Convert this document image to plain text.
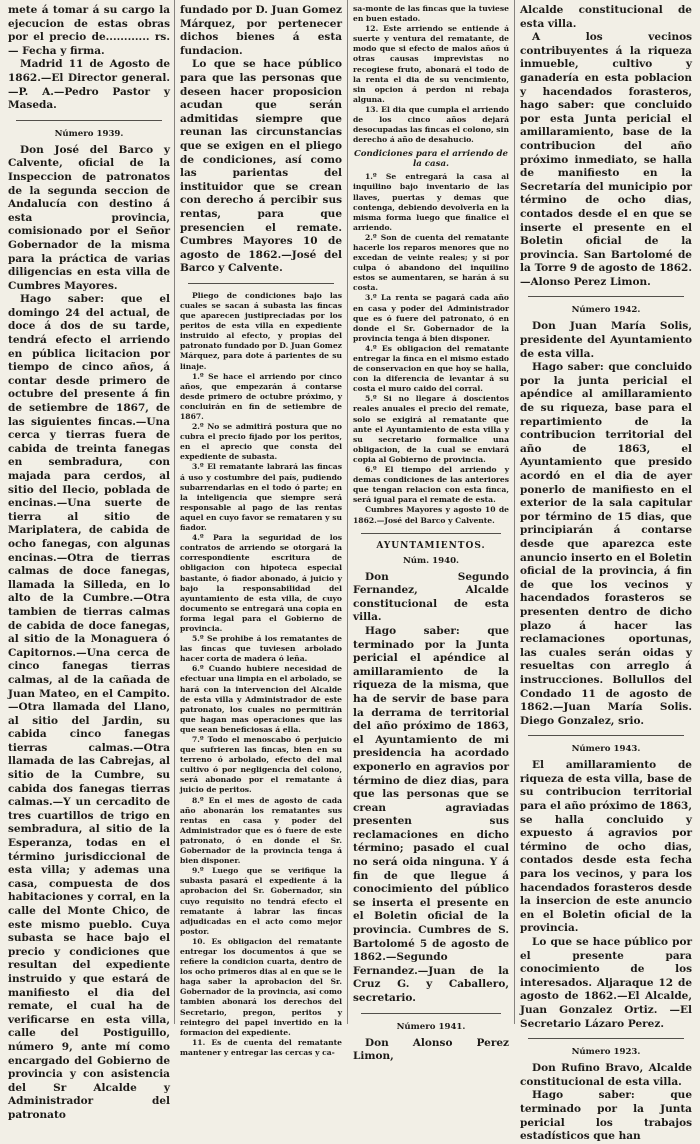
mete á tomar á su cargo la ejecucion de estas obras por el precio de............ rs.— Fecha y firma.

Madrid 11 de Agosto de 1862.—El Director general.—P. A.—Pedro Pastor y Maseda.

Número 1939.

Don José del Barco y Calvente, oficial de la Inspeccion de patronatos de la segunda seccion de Andalucía con destino á esta provincia, comisionado por el Señor Gobernador de la misma para la práctica de varias diligencias en esta villa de Cumbres Mayores.

Hago saber: que el domingo 24 del actual, de doce á dos de su tarde, tendrá efecto el arriendo en pública licitacion por tiempo de cinco años, á contar desde primero de octubre del presente á fin de setiembre de 1867, de las siguientes fincas.—Una cerca y tierras fuera de cabida de treinta fanegas en sembradura, con majada para cerdos, al sitio del Ilecio, poblada de encinas.—Una suerte de tierra al sitio de Mariplatera, de cabida de ocho fanegas, con algunas encinas.—Otra de tierras calmas de doce fanegas, llamada la Silleda, en lo alto de la Cumbre.—Otra tambien de tierras calmas de cabida de doce fanegas, al sitio de la Monaguera ó Capitornos.—Una cerca de cinco fanegas tierras calmas, al de la cañada de Juan Mateo, en el Campito.—Otra llamada del Llano, al sitio del Jardin, su cabida cinco fanegas tierras calmas.—Otra llamada de las Cabrejas, al sitio de la Cumbre, su cabida dos fanegas tierras calmas.—Y un cercadito de tres cuartillos de trigo en sembradura, al sitio de la Esperanza, todas en el término jurisdiccional de esta villa; y ademas una casa, compuesta de dos habitaciones y corral, en la calle del Monte Chico, de este mismo pueblo. Cuya subasta se hace bajo el precio y condiciones que resultan del expediente instruido y que estará de manifiesto el dia del remate, el cual ha de verificarse en esta villa, calle del Postiguillo, número 9, ante mí como encargado del Gobierno de provincia y con asistencia del Sr Alcalde y Administrador del patronato

fundado por D. Juan Gomez Márquez, por pertenecer dichos bienes á esta fundacion.

Lo que se hace público para que las personas que deseen hacer proposicion acudan que serán admitidas siempre que reunan las circunstancias que se exigen en el pliego de condiciones, así como las parientas del instituidor que se crean con derecho á percibir sus rentas, para que presencien el remate. Cumbres Mayores 10 de agosto de 1862.—José del Barco y Calvente.

Pliego de condiciones bajo las cuales se sacan á subasta las fincas que aparecen justipreciadas por los peritos de esta villa en expediente instruido al efecto, y propias del patronato fundado por D. Juan Gomez Márquez, para dote á parientes de su linaje.

1.º Se hace el arriendo por cinco años, que empezarán á contarse desde primero de octubre próximo, y concluirán en fin de setiembre de 1867.

2.º No se admitirá postura que no cubra el precio fijado por los peritos, en el aprecio que consta del expediente de subasta.

3.º El rematante labrará las fincas á uso y costumbre del país, pudiendo subarrendarlas en el todo ó parte; en la inteligencia que siempre será responsable al pago de las rentas aquel en cuyo favor se remataren y su fiador.

4.º Para la seguridad de los contratos de arriendo se otorgará la correspondiente escritura de obligacion con hipoteca especial bastante, ó fiador abonado, á juicio y bajo la responsabilidad del ayuntamiento de esta villa, de cuyo documento se entregará una copia en forma legal para el Gobierno de provincia.

5.º Se prohibe á los rematantes de las fincas que tuviesen arbolado hacer corta de madera ó leña.

6.º Cuando hubiere necesidad de efectuar una limpia en el arbolado, se hará con la intervencion del Alcalde de esta villa y Administrador de este patronato, los cuales no permitirán que hagan mas operaciones que las que sean beneficiosas á ella.

7.º Todo el menoscabo ó perjuicio que sufrieren las fincas, bien en su terreno ó arbolado, efecto del mal cultivo ó por negligencia del colono, será abonado por el rematante á juicio de peritos.

8.º En el mes de agosto de cada año abonarán los rematantes sus rentas en casa y poder del Administrador que es ó fuere de este patronato, ó en donde el Sr. Gobernador de la provincia tenga á bien disponer.

9.º Luego que se verifique la subasta pasará el expediente á la aprobacion del Sr. Gobernador, sin cuyo requisito no tendrá efecto el rematante á labrar las fincas adjudicadas en el acto como mejor postor.

10. Es obligacion del rematante entregar los documentos á que se refiere la condicion cuarta, dentro de los ocho primeros dias al en que se le haga saber la aprobacion del Sr. Gobernador de la provincia, así como tambien abonará los derechos del Secretario, pregon, peritos y reintegro del papel invertido en la formacion del expediente.

11. Es de cuenta del rematante mantener y entregar las cercas y ca-

sa-monte de las fincas que la tuviese en buen estado.

12. Este arriendo se entiende á suerte y ventura del rematante, de modo que si efecto de malos años ú otras causas imprevistas no recogiese fruto, abonará el todo de la renta el dia de su vencimiento, sin opcion á perdon ni rebaja alguna.

13. El dia que cumpla el arriendo de los cinco años dejará desocupadas las fincas el colono, sin derecho á año de desahucio.

Condiciones para el arriendo de la casa.

1.º Se entregará la casa al inquilino bajo inventario de las llaves, puertas y demas que contenga, debiendo devolverla en la misma forma luego que finalice el arriendo.

2.º Son de cuenta del rematante hacerle los reparos menores que no excedan de veinte reales; y si por culpa ó abandono del inquilino estos se aumentaren, se harán á su costa.

3.º La renta se pagará cada año en casa y poder del Administrador que es ó fuere del patronato, ó en donde el Sr. Gobernador de la provincia tenga á bien disponer.

4.º Es obligacion del rematante entregar la finca en el mismo estado de conservacion en que hoy se halla, con la diferencia de levantar á su costa el muro caido del corral.

5.º Si no llegare á doscientos reales anuales el precio del remate, solo se exigirá al rematante que ante el Ayuntamiento de esta villa y su secretario formalice una obligacion, de la cual se enviará copia al Gobierno de provincia.

6.º El tiempo del arriendo y demas condiciones de las anteriores que tengan relacion con esta finca, será igual para el remate de esta.

Cumbres Mayores y agosto 10 de 1862.—José del Barco y Calvente.

AYUNTAMIENTOS.

Núm. 1940.

Don Segundo Fernandez, Alcalde constitucional de esta villa.

Hago saber: que terminado por la Junta pericial el apéndice al amillaramiento de la riqueza de la misma, que ha de servir de base para la derrama de territorial del año próximo de 1863, el Ayuntamiento de mi presidencia ha acordado exponerlo en agravios por término de diez dias, para que las personas que se crean agraviadas presenten sus reclamaciones en dicho término; pasado el cual no será oida ninguna. Y á fin de que llegue á conocimiento del público se inserta el presente en el Boletin oficial de la provincia. Cumbres de S. Bartolomé 5 de agosto de 1862.—Segundo Fernandez.—Juan de la Cruz G. y Caballero, secretario.

Número 1941.

Don Alonso Perez Limon,

Alcalde constitucional de esta villa.

A los vecinos contribuyentes á la riqueza inmueble, cultivo y ganadería en esta poblacion y hacendados forasteros, hago saber: que concluido por esta Junta pericial el amillaramiento, base de la contribucion del año próximo inmediato, se halla de manifiesto en la Secretaría del municipio por término de ocho dias, contados desde el en que se inserte el presente en el Boletin oficial de la provincia. San Bartolomé de la Torre 9 de agosto de 1862.—Alonso Perez Limon.

Número 1942.

Don Juan María Solis, presidente del Ayuntamiento de esta villa.

Hago saber: que concluido por la junta pericial el apéndice al amillaramiento de su riqueza, base para el repartimiento de la contribucion territorial del año de 1863, el Ayuntamiento que presido acordó en el dia de ayer ponerlo de manifiesto en el exterior de la sala capitular por término de 15 dias, que principiarán á contarse desde que aparezca este anuncio inserto en el Boletin oficial de la provincia, á fin de que los vecinos y hacendados forasteros se presenten dentro de dicho plazo á hacer las reclamaciones oportunas, las cuales serán oidas y resueltas con arreglo á instrucciones. Bollullos del Condado 11 de agosto de 1862.—Juan María Solis. Diego Gonzalez, srio.

Número 1943.

El amillaramiento de riqueza de esta villa, base de su contribucion territorial para el año próximo de 1863, se halla concluido y expuesto á agravios por término de ocho dias, contados desde esta fecha para los vecinos, y para los hacendados forasteros desde la insercion de este anuncio en el Boletin oficial de la provincia.

Lo que se hace público por el presente para conocimiento de los interesados. Aljaraque 12 de agosto de 1862.—El Alcalde, Juan Gonzalez Ortiz. —El Secretario Lázaro Perez.

Número 1923.

Don Rufino Bravo, Alcalde constitucional de esta villa.

Hago saber: que terminado por la Junta pericial los trabajos estadísticos que han
